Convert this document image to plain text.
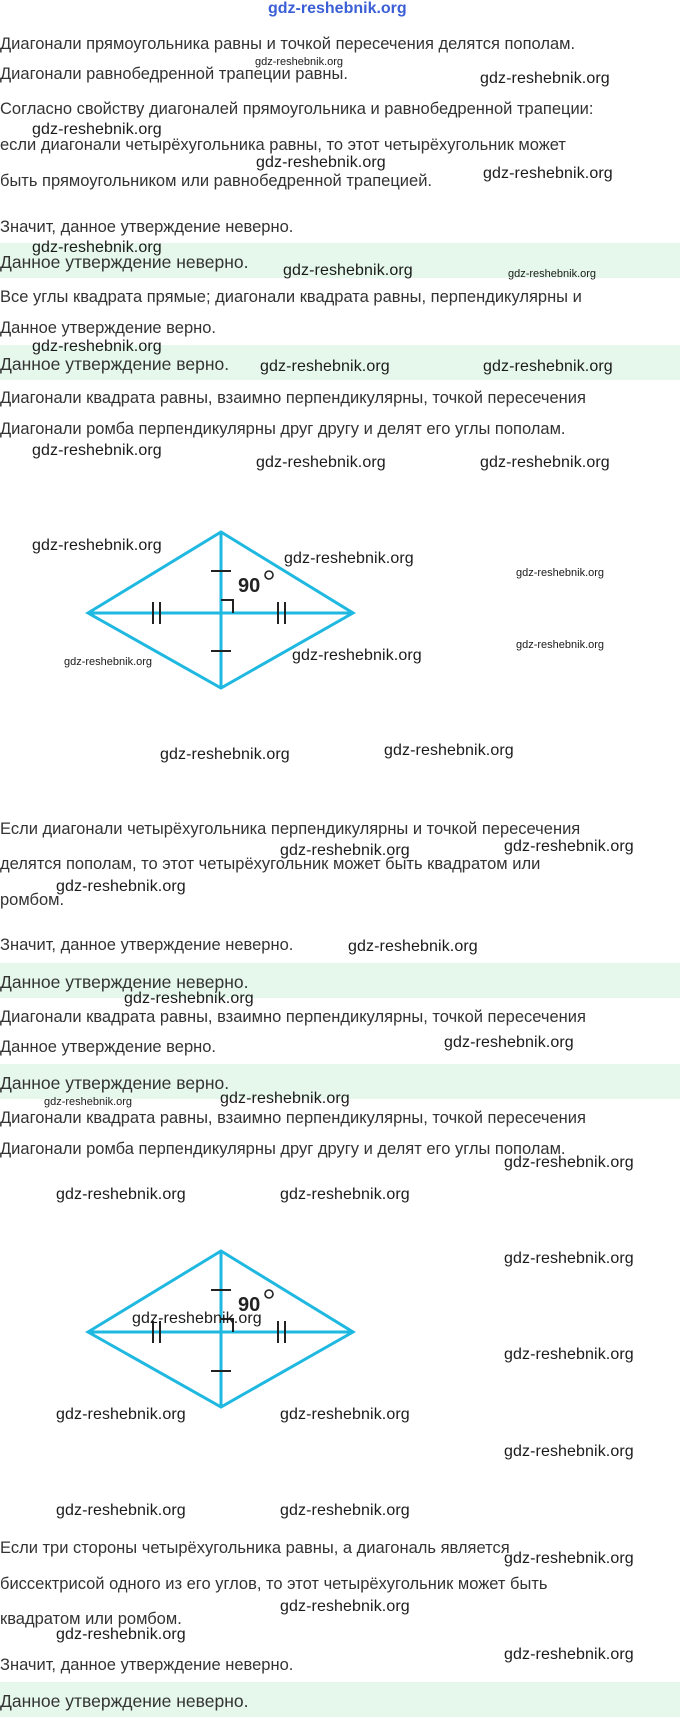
gdz-reshebnik.org
Диагонали прямоугольника равны и точкой пересечения делятся пополам.
Диагонали равнобедренной трапеции равны.
Согласно свойству диагоналей прямоугольника и равнобедренной трапеции:
если диагонали четырёхугольника равны, то этот четырёхугольник может
быть прямоугольником или равнобедренной трапецией.
Значит, данное утверждение неверно.
Данное утверждение неверно.
Все углы квадрата прямые; диагонали квадрата равны, перпендикулярны и
Данное утверждение верно.
Данное утверждение верно.
Диагонали квадрата равны, взаимно перпендикулярны, точкой пересечения
Диагонали ромба перпендикулярны друг другу и делят его углы пополам.
90
Если диагонали четырёхугольника перпендикулярны и точкой пересечения
делятся пополам, то этот четырёхугольник может быть квадратом или
ромбом.
Значит, данное утверждение неверно.
Данное утверждение неверно.
Диагонали квадрата равны, взаимно перпендикулярны, точкой пересечения
Данное утверждение верно.
Данное утверждение верно.
Диагонали квадрата равны, взаимно перпендикулярны, точкой пересечения
Диагонали ромба перпендикулярны друг другу и делят его углы пополам.
90
Если три стороны четырёхугольника равны, а диагональ является
биссектрисой одного из его углов, то этот четырёхугольник может быть
квадратом или ромбом.
Значит, данное утверждение неверно.
Данное утверждение неверно.
gdz-reshebnik.org
gdz-reshebnik.org
gdz-reshebnik.org
gdz-reshebnik.org
gdz-reshebnik.org
gdz-reshebnik.org
gdz-reshebnik.org	gdz-reshebnik.org
gdz-reshebnik.org
gdz-reshebnik.org	gdz-reshebnik.org
gdz-reshebnik.org
gdz-reshebnik.org	gdz-reshebnik.org
gdz-reshebnik.org
gdz-reshebnik.org
gdz-reshebnik.org
gdz-reshebnik.org	gdz-reshebnik.org
gdz-reshebnik.org
gdz-reshebnik.org	gdz-reshebnik.org
gdz-reshebnik.org	gdz-reshebnik.org
gdz-reshebnik.org
gdz-reshebnik.org
gdz-reshebnik.org
gdz-reshebnik.org
gdz-reshebnik.org	gdz-reshebnik.org
gdz-reshebnik.org
gdz-reshebnik.org	gdz-reshebnik.org
gdz-reshebnik.org
gdz-reshebnik.org
gdz-reshebnik.org
gdz-reshebnik.org	gdz-reshebnik.org
gdz-reshebnik.org
gdz-reshebnik.org	gdz-reshebnik.org
gdz-reshebnik.org
gdz-reshebnik.org
gdz-reshebnik.org
gdz-reshebnik.org
